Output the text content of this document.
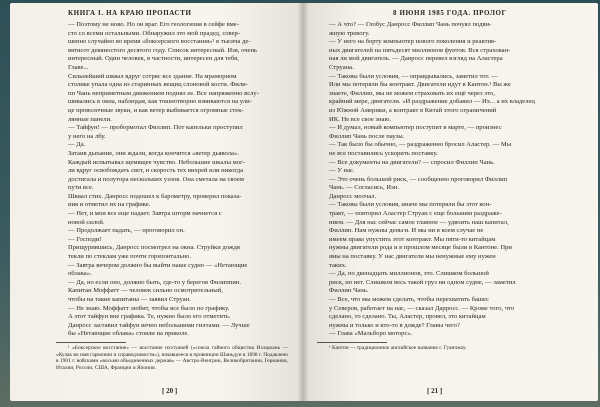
КНИГА I. НА КРАЮ ПРОПАСТИ

— Поэтому не ново. Но он враг. Его геологизия в сейфе вме-

сто со всеми остальными. Обнаружил это мой прадед, совер-

шенно случайно во время «боксерского восстания»¹ в тысяча де-

вятисот девяностого десятого году. Список интересный. Изя, очень

интересный. Один человек, в частности, интересен для тебя,

Главе...

Сильнейший шквал вдруг сотряс все здание. На мраморном

столике упала одна из старинных вещиц слоновой кости. Фили-

пп Чань неприметным движением поднял ее. Все напряженно вслу-

шивались в окна, наблюдая, как тошнотворно взвиваются на ули-

це проволочные звуки, и как ветер выбивается огромные стек-

лянные панели.

— Тайфун! — пробормотал Филлип. Пот капельки проступил

у него на лбу.

— Да.

Затаив дыхание, они ждали, когда кончится «ветер дьявола».

Каждый испытывал щемящее чувство. Небольшие шкалы мог-

ли вдруг освобождать свет, и скорость тех вихрей или никогда

достигала и полутора нескольких узлов. Она сметала на своем

пути все.

Шквал стих. Данросс подошел к барометру, проверил показа-

ния и отметил их на графике.

— Нет, и мои все еще падает. Завтра шторм начнется с

новой силой.

— Продолжает падать, — проговорил он.

— Господи!

Прищурившись, Данросс посмотрел на окна. Струйки дождя

текли по стеклам уже почти горизонтально.

— Завтра вечером должно бы выйти наше судно — «Нетающие

облака».

— Да, но если оно, должно быть, где-то у берегов Филиппин.

Капитан Моффатт — человек сильно осмотрительный,

чтобы на такие капитаны — заявил Струан.

— Не знаю. Моффатт любит, чтобы все было по графику.

А этот тайфун вне графика. Те, нужно было его отметить.

Данросс заставил тайфун вечно небольшими гилтами. — Лучше

бы «Нетающие облака» стояли на приколе.

¹ «Боксерское восстание» — восстание ихэтуаней («союза тайного общества Ихэцюань — «Кулак во имя гармонии и справедливости»), начавшееся в провинции Шаньдун в 1898 г. Подавлено в 1901 г. войсками «восьми объединенных держав» — Австро-Венгрии, Великобритании, Германии, Италии, России, США, Франции и Японии.

[ 20 ]
8 ИЮНЯ 1985 ГОДА. ПРОЛОГ

— А что? — Глобус Данросс Филлип Чань почуял подви-

жную тревогу.

— У него на борту компьютер нового поколения и реактив-

ных двигателей на пятьдесят миллионов фунтов. Вся страхован-

ная ли мой двигатель. — Данросс перевел взгляд на Аластера

Струана.

— Таковы были условия, — оправдывались, заметил тот. —

Или мы потеряли бы контракт. Двигатели идут в Кантон.¹ Вы же

знаете, Филлип, мы не можем страховать их ещё через это,

крайний мере, двигатели. «И раздражение добавил — Их... а их владелец

из Южной Америки, а контракт в Китай этого ограничений

ИК. Не все свое знаю.

— И думал, новый компьютер поступит в марте, — произнес

Филлип Чань после паузы.

— Так было бы обычно, — раздраженно бросил Аластер. — Мы

не все поставились ускорить поставку.

— Все документы на двигатели? — спросил Филлип Чань.

— У нас.

— Это очень большой риск, — сообщенно проговорил Филлип

Чань. — Согласись, Иэн.

Данросс молчал.

— Таковы были условия, иначе мы потеряли бы этот кон-

тракт, — повторил Аластер Струан с еще большим раздраже-

нием. — Для нас сейчас самое главное — удвоить наш капитал,

Филлип. Нам нужны деньги. И мы ни в коем случае не

имеем права упустить этот контракт. Мы пяти-то китайцам

нужны двигатели рода и в прошлом месяце были в Кантоне. При

ямы на поставку. У нас двигатели мы ненужные ему нужен

таких.

— Да, по двенадцать миллионов, это. Слишком большой

риск, но нет. Слишком весь такой груз ни одном судне, — заметил

Филлип Чань.

— Все, что мы можем сделать, чтобы перехватить башес

у Северов, работает на нас, — сказал Дарросс. — Кроме того, что

сделано, то сделано. Ты, Аластер, провел, это китайцам

нужны и только и кто-то в дожде? Главы чего?

— Глава «Мальборо моторс».

¹ Кантон — традиционное английское название г. Гуанчжоу.

[ 21 ]
